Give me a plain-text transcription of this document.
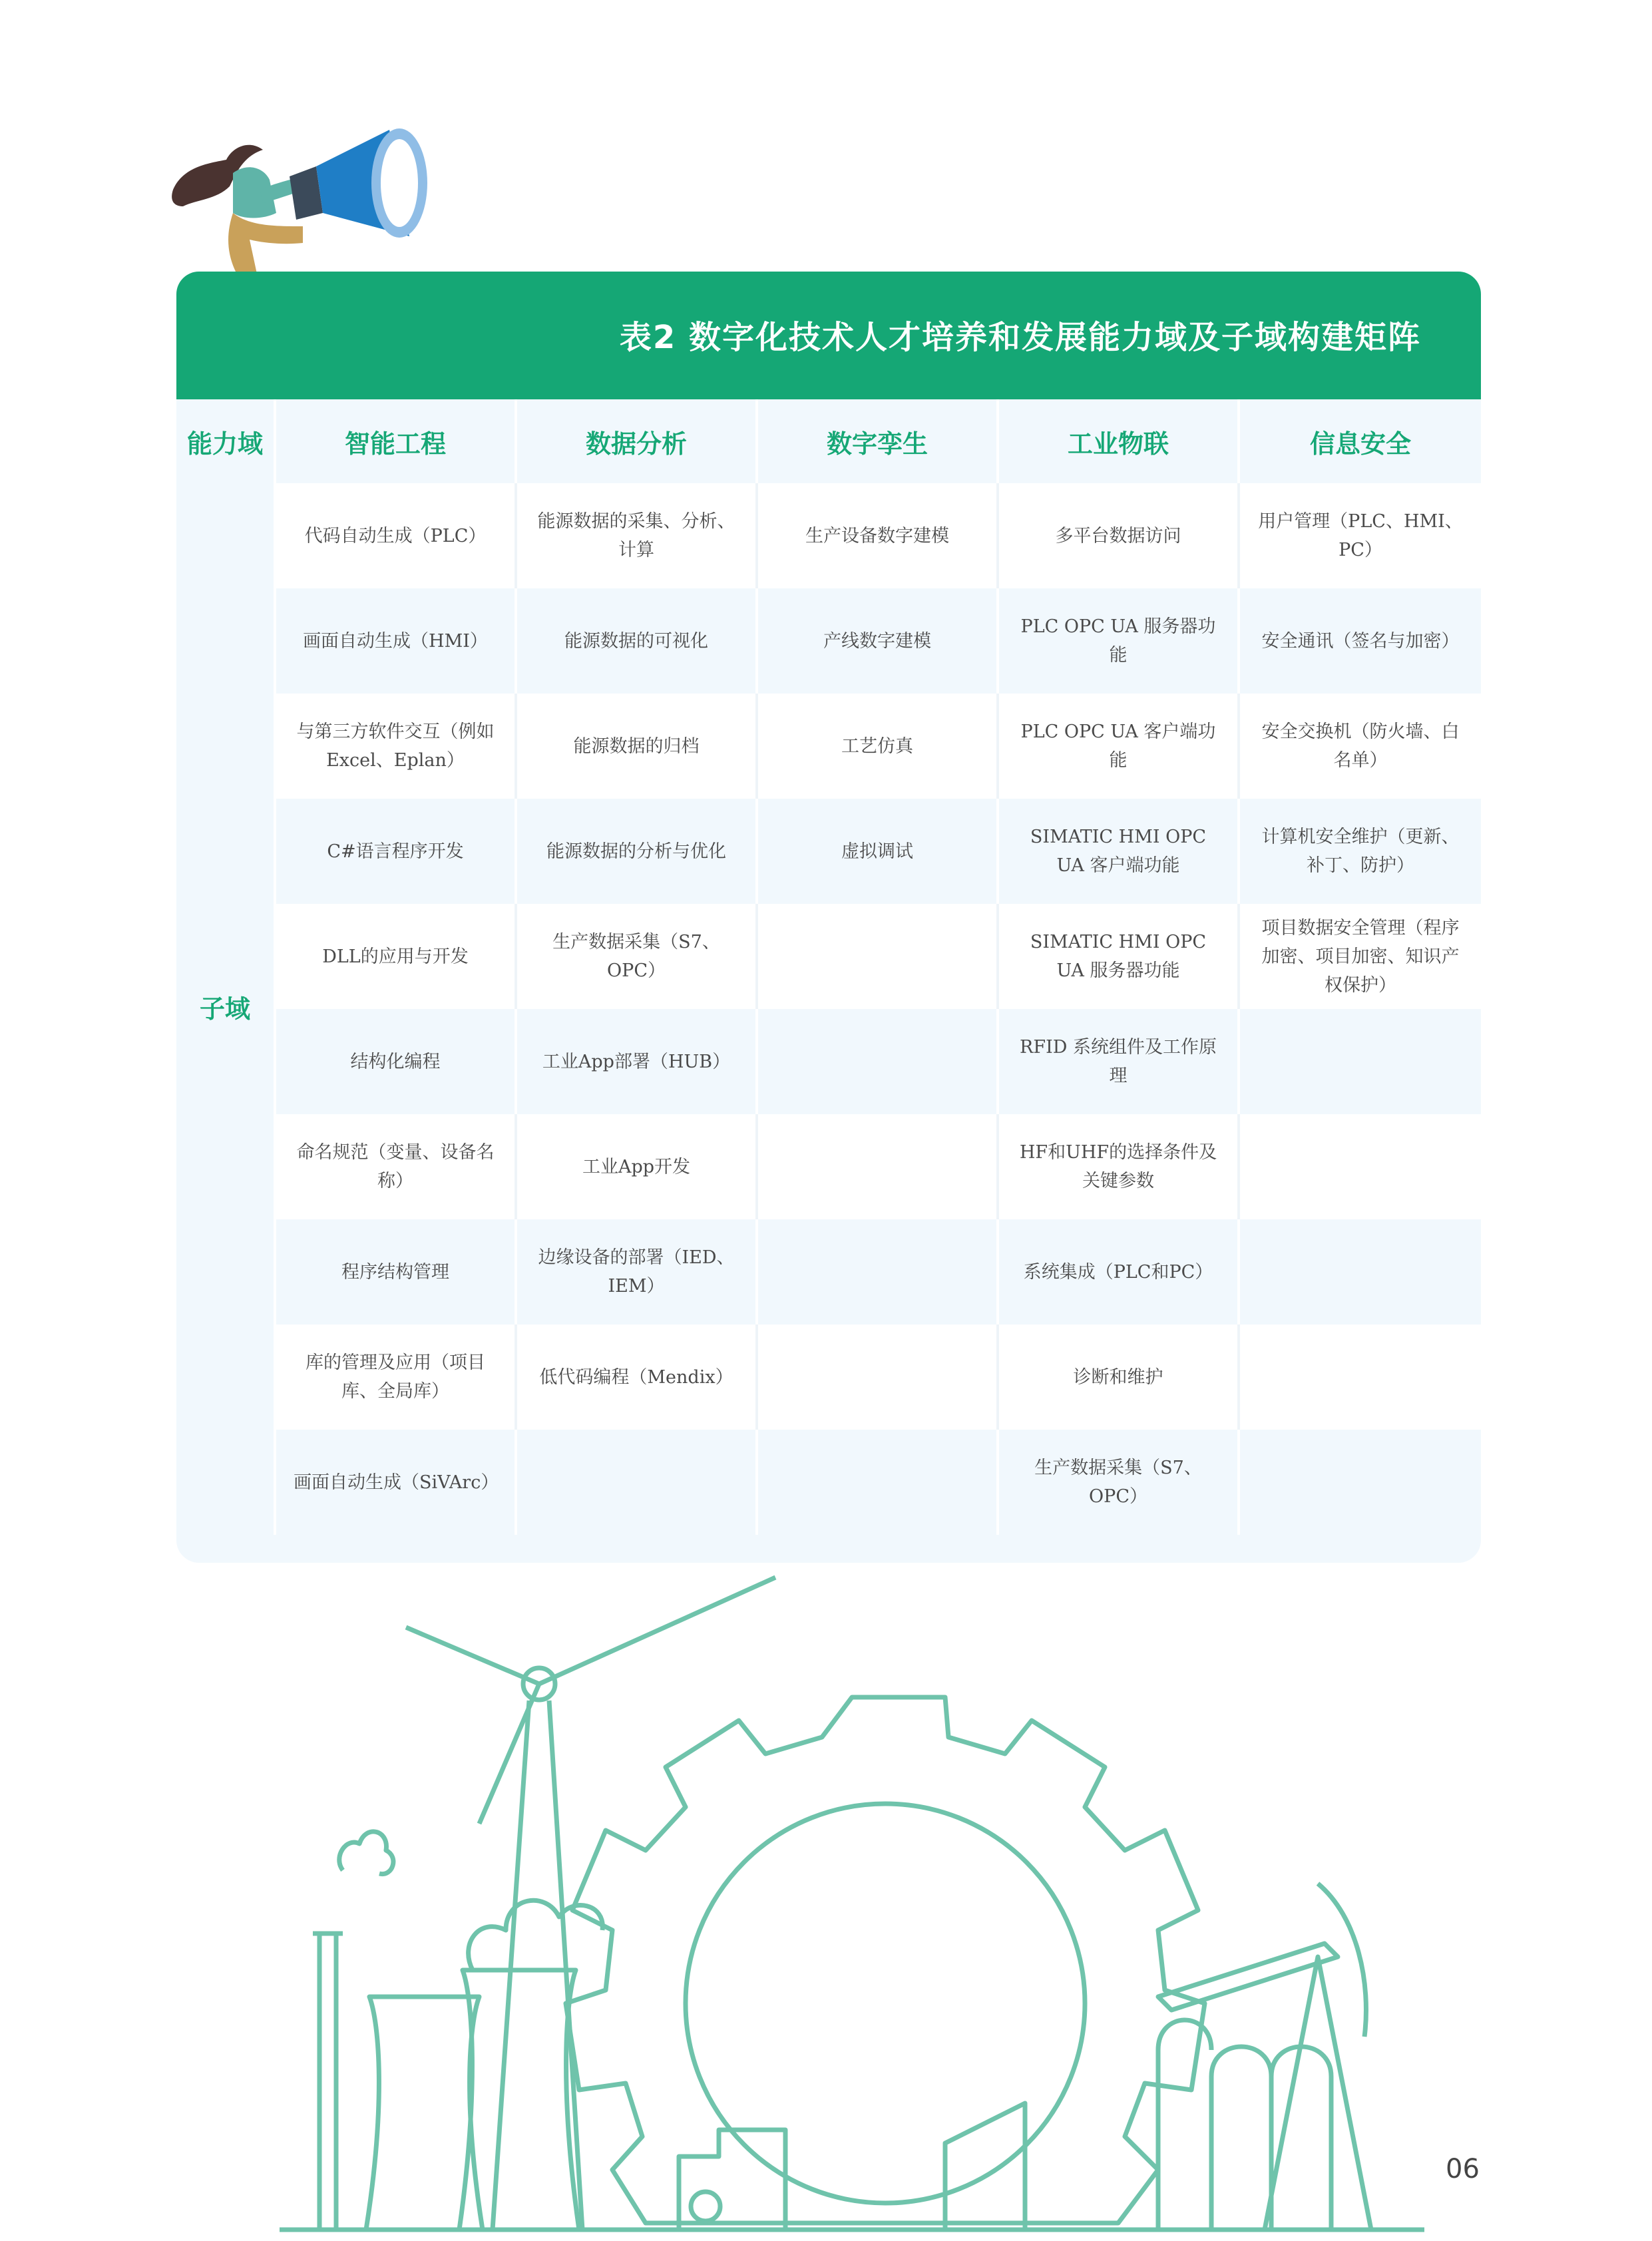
表2 数字化技术人才培养和发展能力域及子域构建矩阵
能力域	智能工程	数据分析	数字孪生	工业物联	信息安全
子域	代码自动生成（PLC）	能源数据的采集、分析、计算	生产设备数字建模	多平台数据访问	用户管理（PLC、HMI、PC）
	画面自动生成（HMI）	能源数据的可视化	产线数字建模	PLC OPC UA 服务器功能	安全通讯（签名与加密）
	与第三方软件交互（例如Excel、Eplan）	能源数据的归档	工艺仿真	PLC OPC UA 客户端功能	安全交换机（防火墙、白名单）
	C#语言程序开发	能源数据的分析与优化	虚拟调试	SIMATIC HMI OPC UA 客户端功能	计算机安全维护（更新、补丁、防护）
	DLL的应用与开发	生产数据采集（S7、OPC）		SIMATIC HMI OPC UA 服务器功能	项目数据安全管理（程序加密、项目加密、知识产权保护）
	结构化编程	工业App部署（HUB）		RFID 系统组件及工作原理	
	命名规范（变量、设备名称）	工业App开发		HF和UHF的选择条件及关键参数	
	程序结构管理	边缘设备的部署（IED、IEM）		系统集成（PLC和PC）	
	库的管理及应用（项目库、全局库）	低代码编程（Mendix）		诊断和维护	
	画面自动生成（SiVArc）			生产数据采集（S7、OPC）	
06
